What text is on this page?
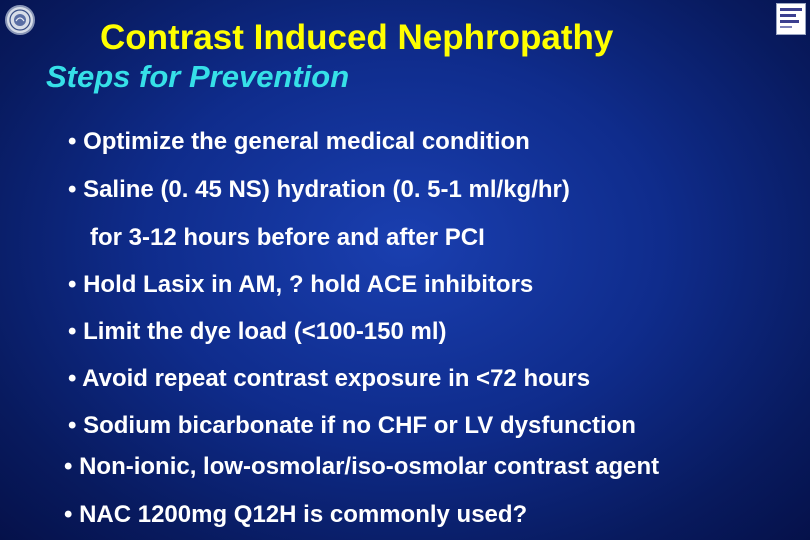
Contrast Induced Nephropathy
Steps for Prevention
• Optimize the general medical condition
• Saline (0. 45 NS) hydration (0. 5-1 ml/kg/hr)
for 3-12 hours before and after PCI
• Hold Lasix in AM, ? hold ACE inhibitors
• Limit the dye load (<100-150 ml)
• Avoid repeat contrast exposure in <72 hours
• Sodium bicarbonate if no CHF or LV dysfunction
• Non-ionic, low-osmolar/iso-osmolar contrast agent
• NAC 1200mg Q12H is commonly used?
